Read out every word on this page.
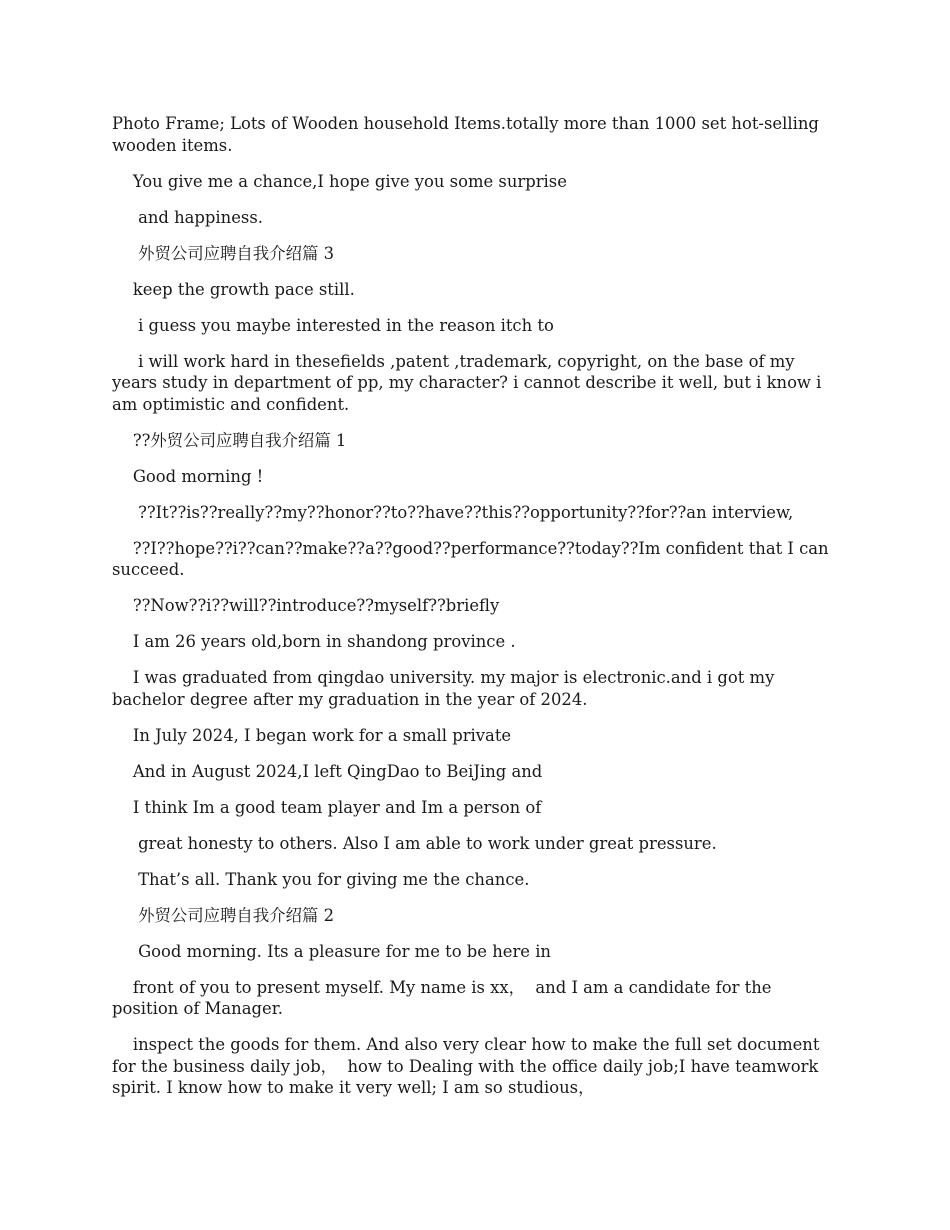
Photo Frame; Lots of Wooden household Items.totally more than 1000 set hot-selling wooden items.

You give me a chance,I hope give you some surprise

and happiness.

外贸公司应聘自我介绍篇 3

keep the growth pace still.

i guess you maybe interested in the reason itch to

i will work hard in thesefields ,patent ,trademark, copyright, on the base of my years study in department of pp, my character? i cannot describe it well, but i know i am optimistic and confident.

??外贸公司应聘自我介绍篇 1

Good morning !

??It??is??really??my??honor??to??have??this??opportunity??for??an interview,

??I??hope??i??can??make??a??good??performance??today??Im confident that I can succeed.

??Now??i??will??introduce??myself??briefly

I am 26 years old,born in shandong province .

I was graduated from qingdao university. my major is electronic.and i got my bachelor degree after my graduation in the year of 2024.

In July 2024, I began work for a small private

And in August 2024,I left QingDao to BeiJing and

I think Im a good team player and Im a person of

great honesty to others. Also I am able to work under great pressure.

That’s all. Thank you for giving me the chance.

外贸公司应聘自我介绍篇 2

Good morning. Its a pleasure for me to be here in

front of you to present myself. My name is xx，  and I am a candidate for the position of Manager.

inspect the goods for them. And also very clear how to make the full set document for the business daily job，  how to Dealing with the office daily job;I have teamwork spirit. I know how to make it very well; I am so studious，
